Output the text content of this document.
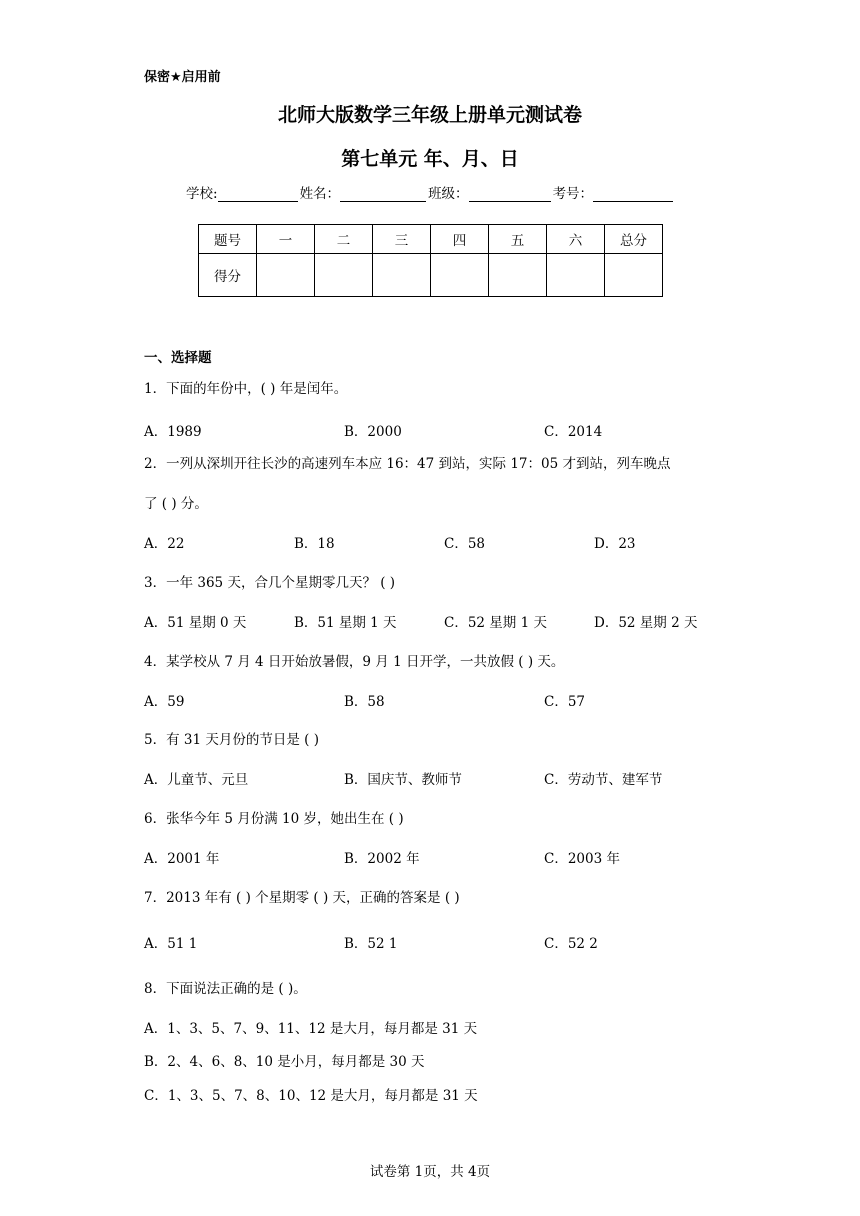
保密★启用前
北师大版数学三年级上册单元测试卷
第七单元 年、月、日
学校:	姓名：	班级：	考号：
题号	一	二	三	四	五	六	总分
得分							
一、选择题
1．下面的年份中，( ) 年是闰年。
A．1989	B．2000	C．2014
2．一列从深圳开往长沙的高速列车本应 16：47 到站，实际 17：05 才到站，列车晚点
了 ( ) 分。
A．22	B．18	C．58	D．23
3．一年 365 天，合几个星期零几天？ ( )
A．51 星期 0 天	B．51 星期 1 天	C．52 星期 1 天	D．52 星期 2 天
4．某学校从 7 月 4 日开始放暑假，9 月 1 日开学，一共放假 ( ) 天。
A．59	B．58	C．57
5．有 31 天月份的节日是 ( )
A．儿童节、元旦	B．国庆节、教师节	C．劳动节、建军节
6．张华今年 5 月份满 10 岁，她出生在 ( )
A．2001 年	B．2002 年	C．2003 年
7．2013 年有 ( ) 个星期零 ( ) 天，正确的答案是 ( )
A．51 1	B．52 1	C．52 2
8．下面说法正确的是 ( )。
A．1、3、5、7、9、11、12 是大月，每月都是 31 天
B．2、4、6、8、10 是小月，每月都是 30 天
C．1、3、5、7、8、10、12 是大月，每月都是 31 天
试卷第 1页，共 4页
